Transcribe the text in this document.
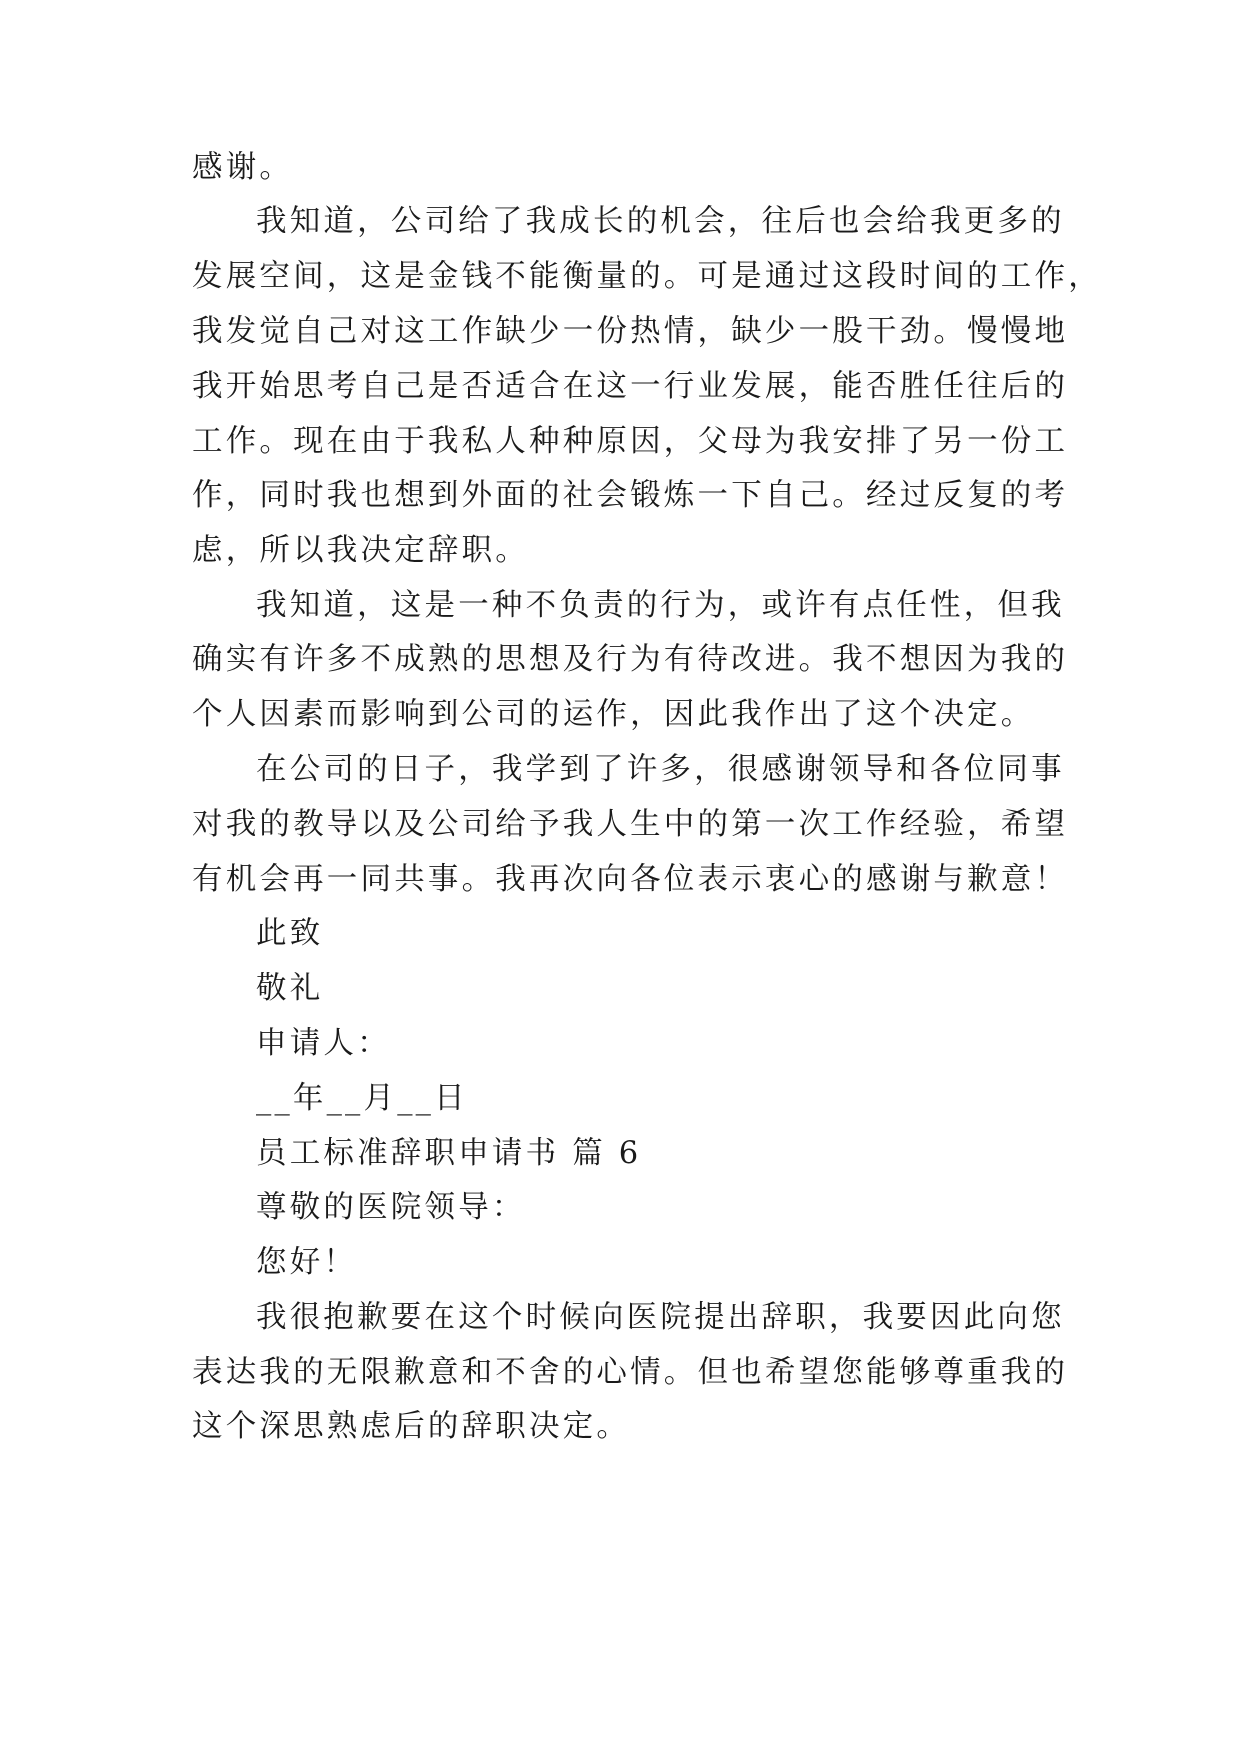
感谢。
我知道，公司给了我成长的机会，往后也会给我更多的
发展空间，这是金钱不能衡量的。可是通过这段时间的工作，
我发觉自己对这工作缺少一份热情，缺少一股干劲。慢慢地
我开始思考自己是否适合在这一行业发展，能否胜任往后的
工作。现在由于我私人种种原因，父母为我安排了另一份工
作，同时我也想到外面的社会锻炼一下自己。经过反复的考
虑，所以我决定辞职。
我知道，这是一种不负责的行为，或许有点任性，但我
确实有许多不成熟的思想及行为有待改进。我不想因为我的
个人因素而影响到公司的运作，因此我作出了这个决定。
在公司的日子，我学到了许多，很感谢领导和各位同事
对我的教导以及公司给予我人生中的第一次工作经验，希望
有机会再一同共事。我再次向各位表示衷心的感谢与歉意！
此致
敬礼
申请人：
__年__月__日
员工标准辞职申请书 篇 6
尊敬的医院领导：
您好！
我很抱歉要在这个时候向医院提出辞职，我要因此向您
表达我的无限歉意和不舍的心情。但也希望您能够尊重我的
这个深思熟虑后的辞职决定。
